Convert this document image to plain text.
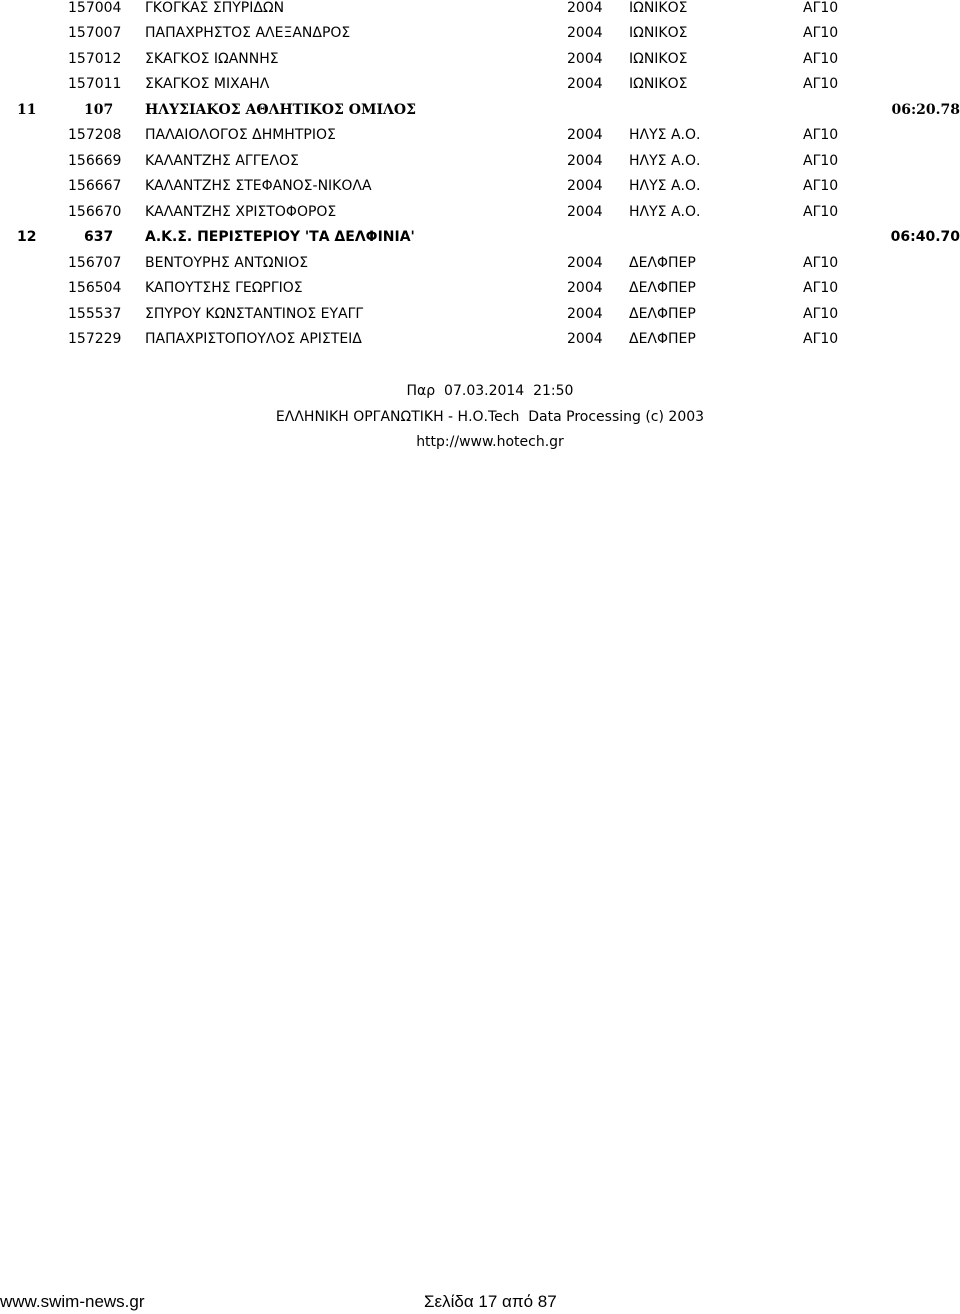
157004 ΓΚΟΓΚΑΣ ΣΠΥΡΙΔΩΝ	2004 ΙΩΝΙΚΟΣ	ΑΓ10
157007 ΠΑΠΑΧΡΗΣΤΟΣ ΑΛΕΞΑΝΔΡΟΣ	2004 ΙΩΝΙΚΟΣ	ΑΓ10
157012 ΣΚΑΓΚΟΣ ΙΩΑΝΝΗΣ	2004 ΙΩΝΙΚΟΣ	ΑΓ10
157011 ΣΚΑΓΚΟΣ ΜΙΧΑΗΛ	2004 ΙΩΝΙΚΟΣ	ΑΓ10
11	107 ΗΛΥΣΙΑΚΟΣ ΑΘΛΗΤΙΚΟΣ ΟΜΙΛΟΣ	06:20.78
157208 ΠΑΛΑΙΟΛΟΓΟΣ ΔΗΜΗΤΡΙΟΣ	2004 ΗΛΥΣ Α.Ο.	ΑΓ10
156669 ΚΑΛΑΝΤΖΗΣ ΑΓΓΕΛΟΣ	2004 ΗΛΥΣ Α.Ο.	ΑΓ10
156667 ΚΑΛΑΝΤΖΗΣ ΣΤΕΦΑΝΟΣ-ΝΙΚΟΛΑ	2004 ΗΛΥΣ Α.Ο.	ΑΓ10
156670 ΚΑΛΑΝΤΖΗΣ ΧΡΙΣΤΟΦΟΡΟΣ	2004 ΗΛΥΣ Α.Ο.	ΑΓ10
12	637 Α.Κ.Σ. ΠΕΡΙΣΤΕΡΙΟΥ 'ΤΑ ΔΕΛΦΙΝΙΑ'	06:40.70
156707 ΒΕΝΤΟΥΡΗΣ ΑΝΤΩΝΙΟΣ	2004 ΔΕΛΦΠΕΡ	ΑΓ10
156504 ΚΑΠΟΥΤΣΗΣ ΓΕΩΡΓΙΟΣ	2004 ΔΕΛΦΠΕΡ	ΑΓ10
155537 ΣΠΥΡΟΥ ΚΩΝΣΤΑΝΤΙΝΟΣ ΕΥΑΓΓ	2004 ΔΕΛΦΠΕΡ	ΑΓ10
157229 ΠΑΠΑΧΡΙΣΤΟΠΟΥΛΟΣ ΑΡΙΣΤΕΙΔ	2004 ΔΕΛΦΠΕΡ	ΑΓ10
Παρ  07.03.2014  21:50
ΕΛΛΗΝΙΚΗ ΟΡΓΑΝΩΤΙΚΗ - Η.Ο.Tech  Data Processing (c) 2003
http://www.hotech.gr
www.swim-news.gr	Σελίδα 17 από 87
